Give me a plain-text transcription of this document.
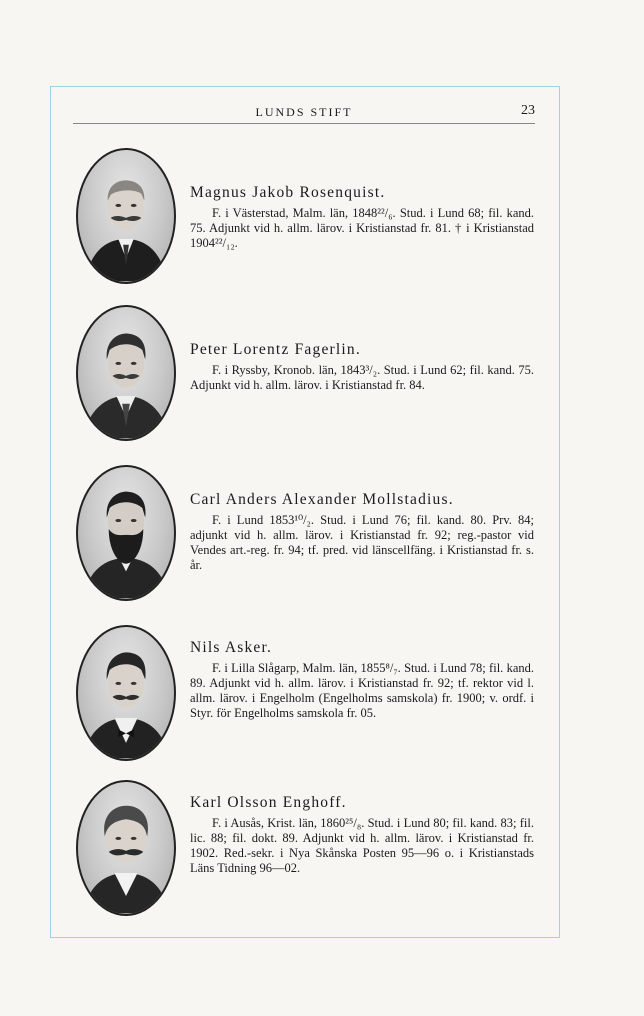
LUNDS STIFT	23

Magnus Jakob Rosenquist.

F. i Västerstad, Malm. län, 1848²²/₆. Stud. i Lund 68; fil. kand. 75. Adjunkt vid h. allm. lärov. i Kristianstad fr. 81. † i Kristianstad 1904²²/₁₂.

Peter Lorentz Fagerlin.

F. i Ryssby, Kronob. län, 1843³/₂. Stud. i Lund 62; fil. kand. 75. Adjunkt vid h. allm. lärov. i Kristianstad fr. 84.

Carl Anders Alexander Mollstadius.

F. i Lund 1853¹⁰/₂. Stud. i Lund 76; fil. kand. 80. Prv. 84; adjunkt vid h. allm. lärov. i Kristianstad fr. 92; reg.-pastor vid Vendes art.-reg. fr. 94; tf. pred. vid länscellfäng. i Kristianstad fr. s. år.

Nils Asker.

F. i Lilla Slågarp, Malm. län, 1855⁸/₇. Stud. i Lund 78; fil. kand. 89. Adjunkt vid h. allm. lärov. i Kristianstad fr. 92; tf. rektor vid l. allm. lärov. i Engelholm (Engelholms samskola) fr. 1900; v. ordf. i Styr. för Engelholms samskola fr. 05.

Karl Olsson Enghoff.

F. i Ausås, Krist. län, 1860²⁵/₈. Stud. i Lund 80; fil. kand. 83; fil. lic. 88; fil. dokt. 89. Adjunkt vid h. allm. lärov. i Kristianstad fr. 1902. Red.-sekr. i Nya Skånska Posten 95—96 o. i Kristianstads Läns Tidning 96—02.
